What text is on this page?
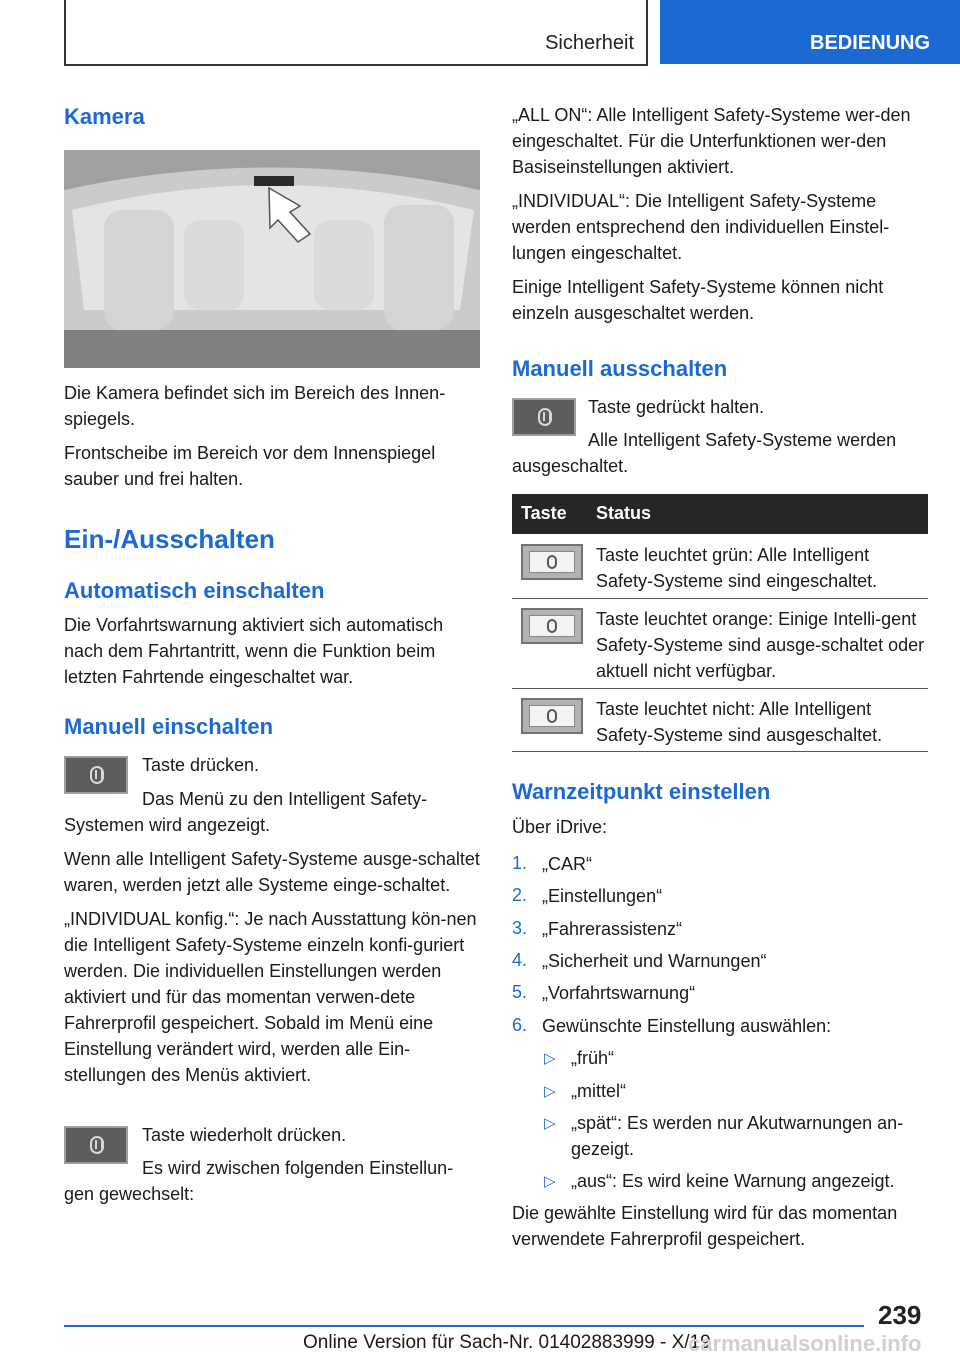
Sicherheit	BEDIENUNG
Kamera

Die Kamera befindet sich im Bereich des Innen-spiegels.

Frontscheibe im Bereich vor dem Innenspiegel sauber und frei halten.

Ein-/Ausschalten
Automatisch einschalten

Die Vorfahrtswarnung aktiviert sich automatisch nach dem Fahrtantritt, wenn die Funktion beim letzten Fahrtende eingeschaltet war.

Manuell einschalten

Taste drücken.

Das Menü zu den Intelligent Safety-Systemen wird angezeigt.

Wenn alle Intelligent Safety-Systeme ausge-schaltet waren, werden jetzt alle Systeme einge-schaltet.

„INDIVIDUAL konfig.“: Je nach Ausstattung kön-nen die Intelligent Safety-Systeme einzeln konfi-guriert werden. Die individuellen Einstellungen werden aktiviert und für das momentan verwen-dete Fahrerprofil gespeichert. Sobald im Menü eine Einstellung verändert wird, werden alle Ein-stellungen des Menüs aktiviert.

Taste wiederholt drücken.

Es wird zwischen folgenden Einstellun-gen gewechselt:

„ALL ON“: Alle Intelligent Safety-Systeme wer-den eingeschaltet. Für die Unterfunktionen wer-den Basiseinstellungen aktiviert.

„INDIVIDUAL“: Die Intelligent Safety-Systeme werden entsprechend den individuellen Einstel-lungen eingeschaltet.

Einige Intelligent Safety-Systeme können nicht einzeln ausgeschaltet werden.

Manuell ausschalten

Taste gedrückt halten.

Alle Intelligent Safety-Systeme werden ausgeschaltet.

Taste Status

Taste leuchtet grün: Alle Intelligent Safety-Systeme sind eingeschaltet.

Taste leuchtet orange: Einige Intelli-gent Safety-Systeme sind ausge-schaltet oder aktuell nicht verfügbar.

Taste leuchtet nicht: Alle Intelligent Safety-Systeme sind ausgeschaltet.

Warnzeitpunkt einstellen

Über iDrive:

1. „CAR“
2. „Einstellungen“
3. „Fahrerassistenz“
4. „Sicherheit und Warnungen“
5. „Vorfahrtswarnung“
6. Gewünschte Einstellung auswählen:
▷ „früh“
▷ „mittel“
▷ „spät“: Es werden nur Akutwarnungen an-gezeigt.
▷ „aus“: Es wird keine Warnung angezeigt.

Die gewählte Einstellung wird für das momentan verwendete Fahrerprofil gespeichert.

239
Online Version für Sach-Nr. 01402883999 - X/19
carmanualsonline.info
